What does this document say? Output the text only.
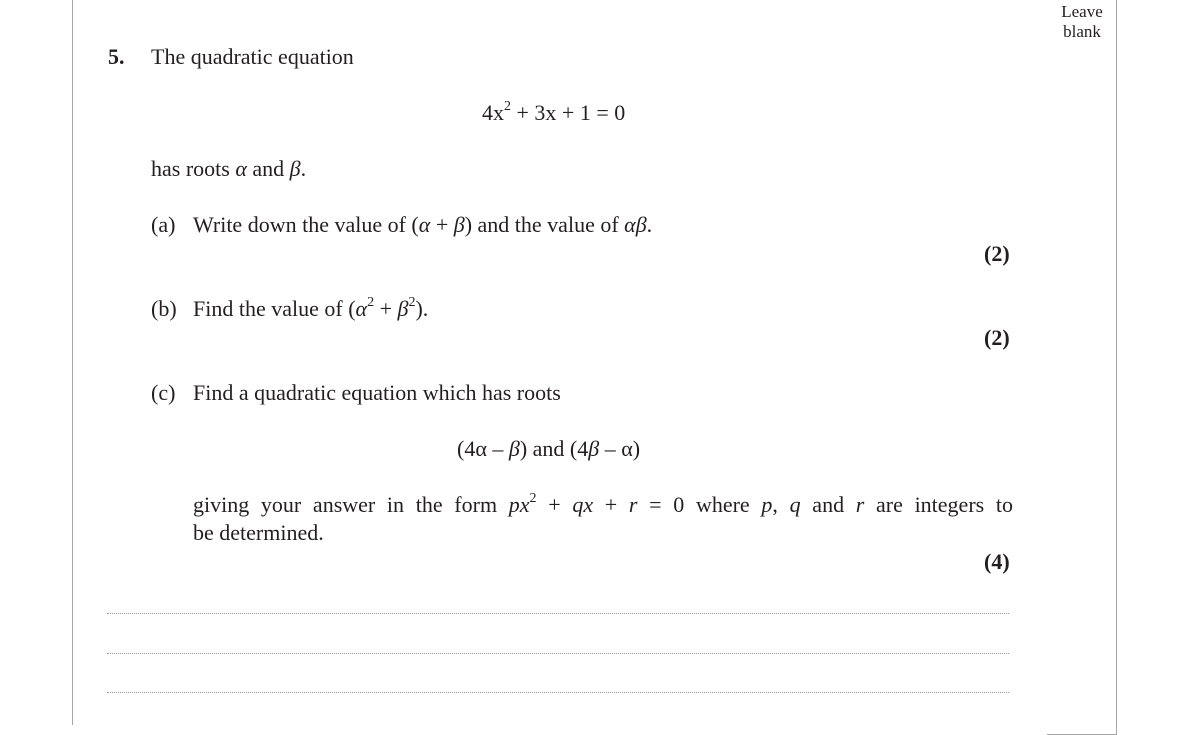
Leave blank
5. The quadratic equation
$4x^2 + 3x + 1 = 0$
has roots α and β.
(a) Write down the value of (α + β) and the value of αβ.
(2)
(b) Find the value of $(\alpha^2 + \beta^2)$.
(2)
(c) Find a quadratic equation which has roots
(4α – β) and (4β – α)
giving your answer in the form $px^2$ + qx + r = 0 where p, q and r are integers to
be determined.
(4)
